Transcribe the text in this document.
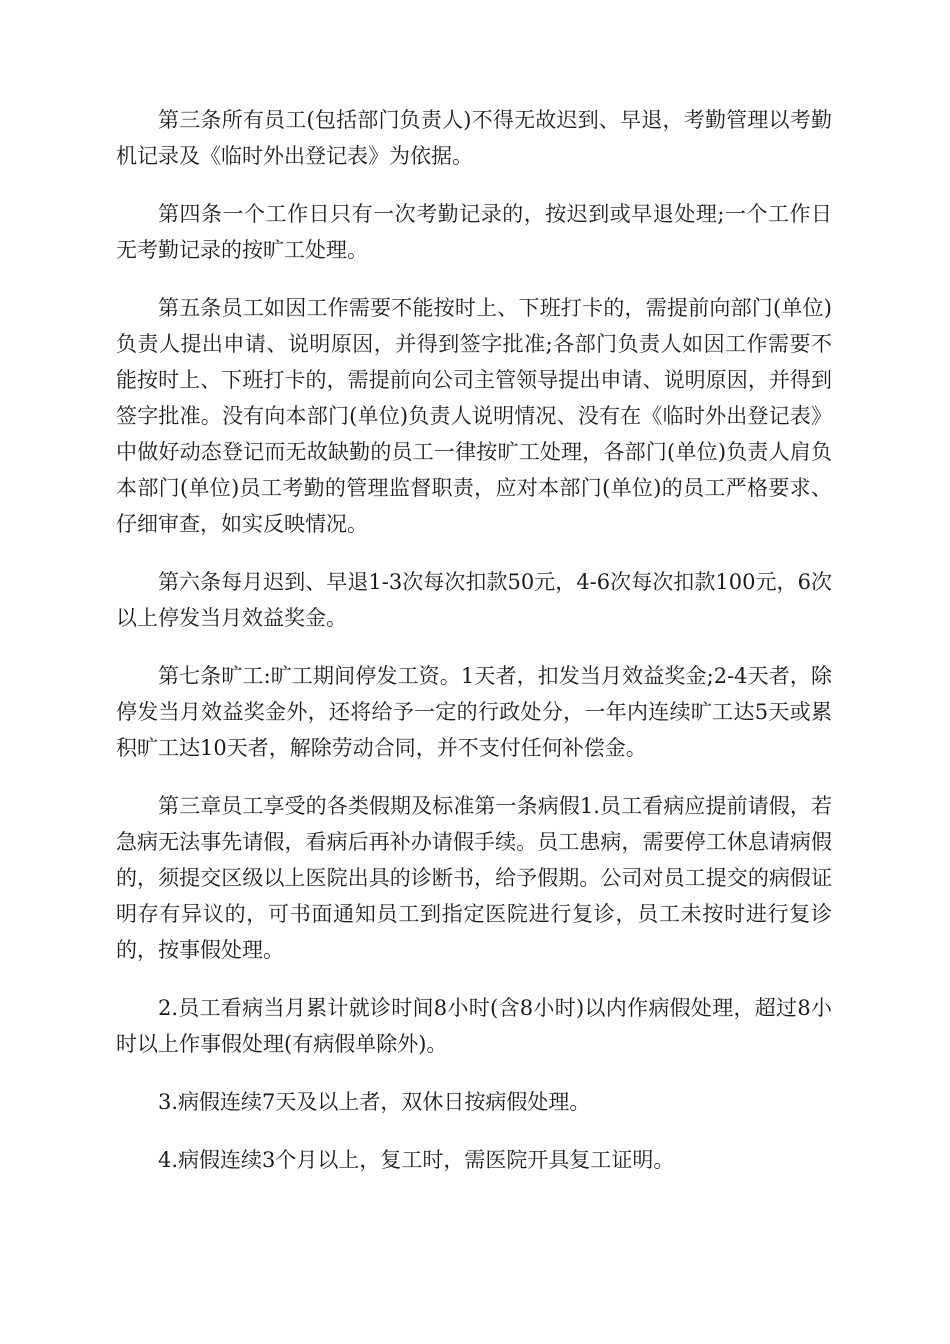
第三条所有员工(包括部门负责人)不得无故迟到、早退，考勤管理以考勤机记录及《临时外出登记表》为依据。

第四条一个工作日只有一次考勤记录的，按迟到或早退处理;一个工作日无考勤记录的按旷工处理。

第五条员工如因工作需要不能按时上、下班打卡的，需提前向部门(单位)负责人提出申请、说明原因，并得到签字批准;各部门负责人如因工作需要不能按时上、下班打卡的，需提前向公司主管领导提出申请、说明原因，并得到签字批准。没有向本部门(单位)负责人说明情况、没有在《临时外出登记表》中做好动态登记而无故缺勤的员工一律按旷工处理，各部门(单位)负责人肩负本部门(单位)员工考勤的管理监督职责，应对本部门(单位)的员工严格要求、仔细审查，如实反映情况。

第六条每月迟到、早退1-3次每次扣款50元，4-6次每次扣款100元，6次以上停发当月效益奖金。

第七条旷工:旷工期间停发工资。1天者，扣发当月效益奖金;2-4天者，除停发当月效益奖金外，还将给予一定的行政处分，一年内连续旷工达5天或累积旷工达10天者，解除劳动合同，并不支付任何补偿金。

第三章员工享受的各类假期及标准第一条病假1.员工看病应提前请假，若急病无法事先请假，看病后再补办请假手续。员工患病，需要停工休息请病假的，须提交区级以上医院出具的诊断书，给予假期。公司对员工提交的病假证明存有异议的，可书面通知员工到指定医院进行复诊，员工未按时进行复诊的，按事假处理。

2.员工看病当月累计就诊时间8小时(含8小时)以内作病假处理，超过8小时以上作事假处理(有病假单除外)。

3.病假连续7天及以上者，双休日按病假处理。

4.病假连续3个月以上，复工时，需医院开具复工证明。
